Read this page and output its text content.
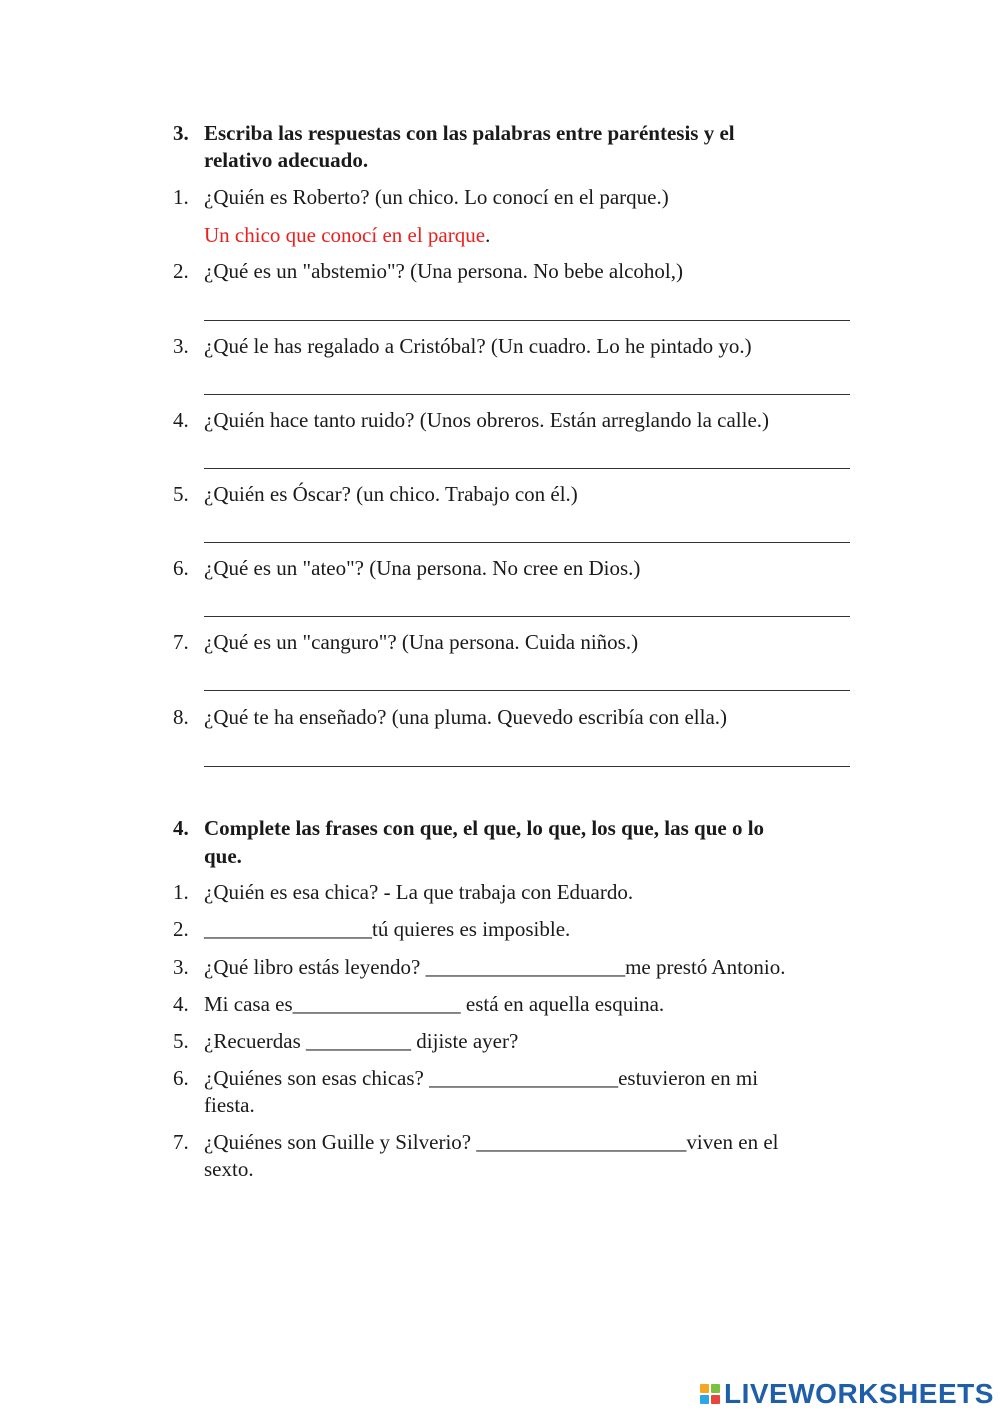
3. Escriba las respuestas con las palabras entre paréntesis y el
relativo adecuado.
1. ¿Quién es Roberto? (un chico. Lo conocí en el parque.)
Un chico que conocí en el parque.
2. ¿Qué es un "abstemio"? (Una persona. No bebe alcohol,)
3. ¿Qué le has regalado a Cristóbal? (Un cuadro. Lo he pintado yo.)
4. ¿Quién hace tanto ruido? (Unos obreros. Están arreglando la calle.)
5. ¿Quién es Óscar? (un chico. Trabajo con él.)
6. ¿Qué es un "ateo"? (Una persona. No cree en Dios.)
7. ¿Qué es un "canguro"? (Una persona. Cuida niños.)
8. ¿Qué te ha enseñado? (una pluma. Quevedo escribía con ella.)
4. Complete las frases con que, el que, lo que, los que, las que o lo
que.
1. ¿Quién es esa chica? - La que trabaja con Eduardo.
2. ________________tú quieres es imposible.
3. ¿Qué libro estás leyendo? ___________________me prestó Antonio.
4. Mi casa es________________ está en aquella esquina.
5. ¿Recuerdas __________ dijiste ayer?
6. ¿Quiénes son esas chicas? __________________estuvieron en mi
fiesta.
7. ¿Quiénes son Guille y Silverio? ____________________viven en el
sexto.
LIVEWORKSHEETS
